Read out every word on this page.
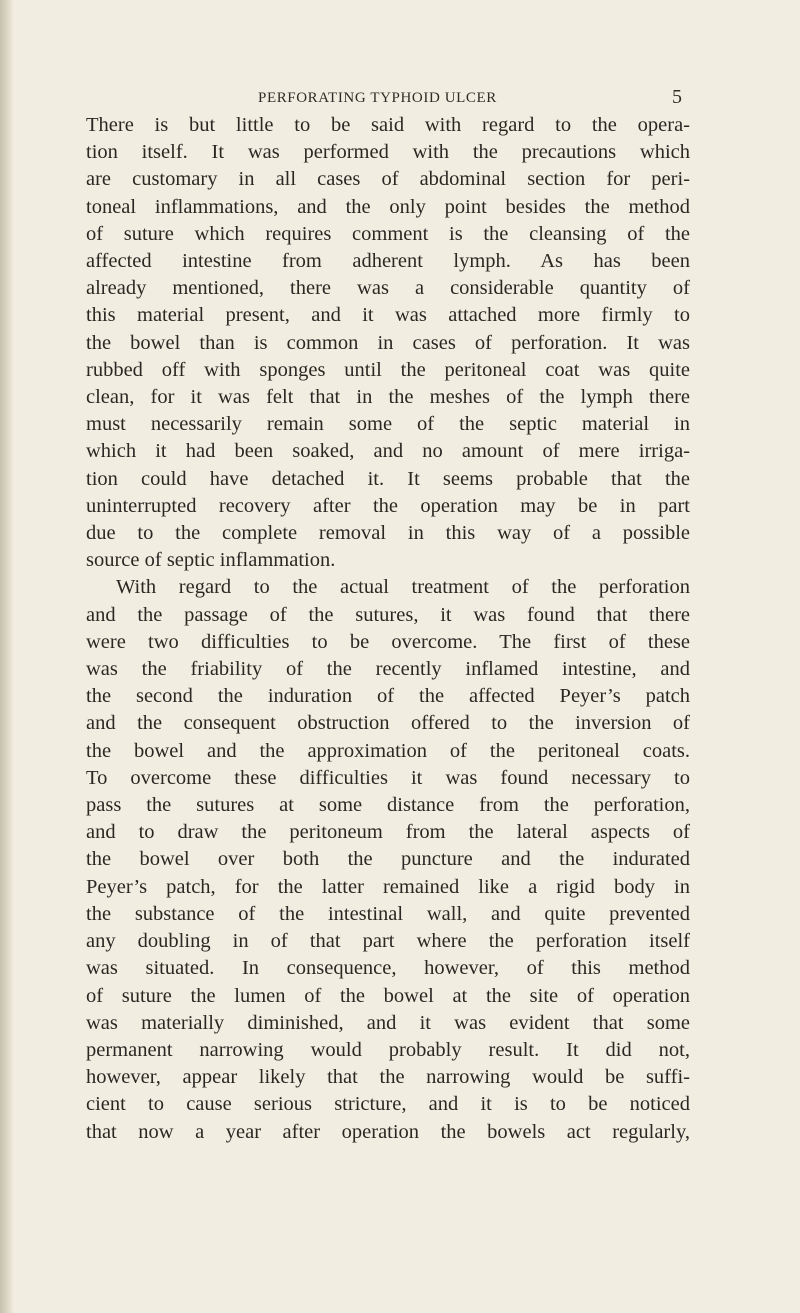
PERFORATING TYPHOID ULCER	5
There is but little to be said with regard to the opera-
tion itself. It was performed with the precautions which
are customary in all cases of abdominal section for peri-
toneal inflammations, and the only point besides the method
of suture which requires comment is the cleansing of the
affected intestine from adherent lymph. As has been
already mentioned, there was a considerable quantity of
this material present, and it was attached more firmly to
the bowel than is common in cases of perforation. It was
rubbed off with sponges until the peritoneal coat was quite
clean, for it was felt that in the meshes of the lymph there
must necessarily remain some of the septic material in
which it had been soaked, and no amount of mere irriga-
tion could have detached it. It seems probable that the
uninterrupted recovery after the operation may be in part
due to the complete removal in this way of a possible
source of septic inflammation.
With regard to the actual treatment of the perforation
and the passage of the sutures, it was found that there
were two difficulties to be overcome. The first of these
was the friability of the recently inflamed intestine, and
the second the induration of the affected Peyer’s patch
and the consequent obstruction offered to the inversion of
the bowel and the approximation of the peritoneal coats.
To overcome these difficulties it was found necessary to
pass the sutures at some distance from the perforation,
and to draw the peritoneum from the lateral aspects of
the bowel over both the puncture and the indurated
Peyer’s patch, for the latter remained like a rigid body in
the substance of the intestinal wall, and quite prevented
any doubling in of that part where the perforation itself
was situated. In consequence, however, of this method
of suture the lumen of the bowel at the site of operation
was materially diminished, and it was evident that some
permanent narrowing would probably result. It did not,
however, appear likely that the narrowing would be suffi-
cient to cause serious stricture, and it is to be noticed
that now a year after operation the bowels act regularly,
